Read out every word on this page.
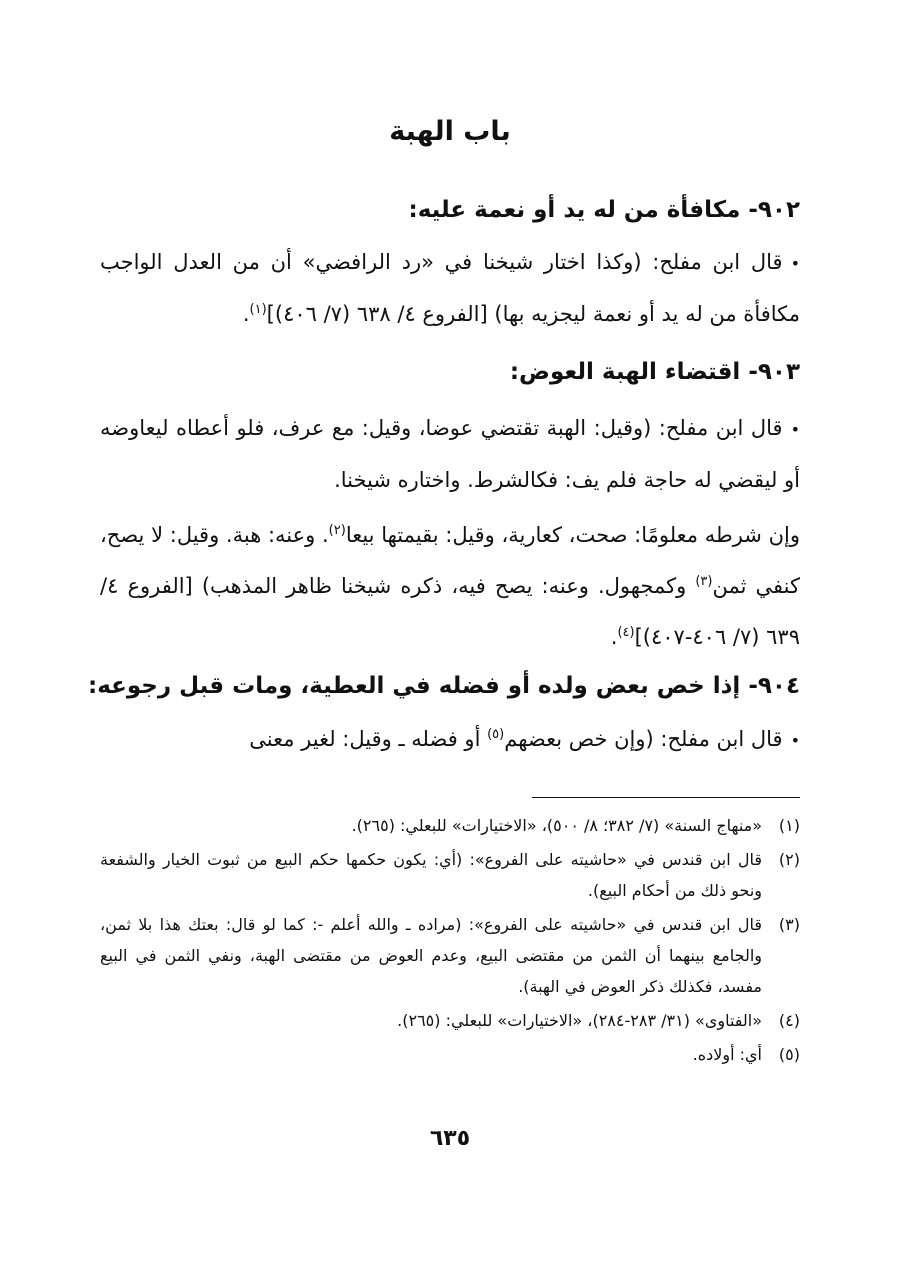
باب الهبة
٩٠٢- مكافأة من له يد أو نعمة عليه:
•قال ابن مفلح: (وكذا اختار شيخنا في «رد الرافضي» أن من العدل الواجب مكافأة من له يد أو نعمة ليجزيه بها) [الفروع ٤/ ٦٣٨ (٧/ ٤٠٦)]$^{(١)}$.
٩٠٣- اقتضاء الهبة العوض:
•قال ابن مفلح: (وقيل: الهبة تقتضي عوضا، وقيل: مع عرف، فلو أعطاه ليعاوضه أو ليقضي له حاجة فلم يف: فكالشرط. واختاره شيخنا.
وإن شرطه معلومًا: صحت، كعارية، وقيل: بقيمتها بيعا$^{(٢)}$. وعنه: هبة. وقيل: لا يصح، كنفي ثمن$^{(٣)}$ وكمجهول. وعنه: يصح فيه، ذكره شيخنا ظاهر المذهب) [الفروع ٤/ ٦٣٩ (٧/ ٤٠٦-٤٠٧)]$^{(٤)}$.
٩٠٤- إذا خص بعض ولده أو فضله في العطية، ومات قبل رجوعه:
•قال ابن مفلح: (وإن خص بعضهم$^{(٥)}$ أو فضله ـ وقيل: لغير معنى
(١)
«منهاج السنة» (٧/ ٣٨٢؛ ٨/ ٥٠٠)، «الاختيارات» للبعلي: (٢٦٥).
(٢)
قال ابن قندس في «حاشيته على الفروع»: (أي: يكون حكمها حكم البيع من ثبوت الخيار والشفعة ونحو ذلك من أحكام البيع).
(٣)
قال ابن قندس في «حاشيته على الفروع»: (مراده ـ والله أعلم -: كما لو قال: بعتك هذا بلا ثمن، والجامع بينهما أن الثمن من مقتضى البيع، وعدم العوض من مقتضى الهبة، ونفي الثمن في البيع مفسد، فكذلك ذكر العوض في الهبة).
(٤)
«الفتاوى» (٣١/ ٢٨٣-٢٨٤)، «الاختيارات» للبعلي: (٢٦٥).
(٥)
أي: أولاده.
٦٣٥
